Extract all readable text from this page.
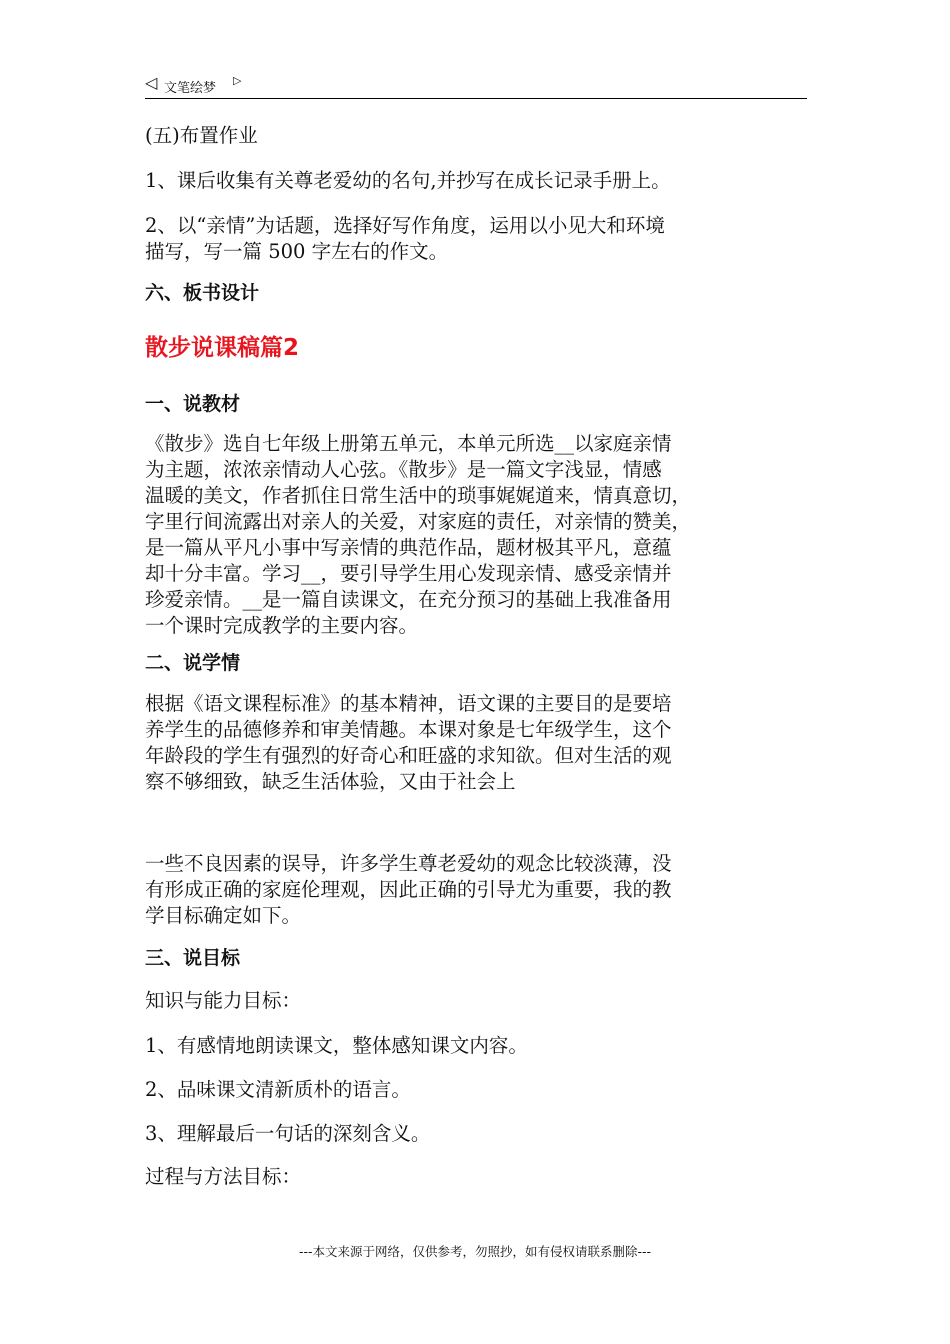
◁ 文笔绘梦
▷

(五)布置作业

1、课后收集有关尊老爱幼的名句,并抄写在成长记录手册上。

2、以“亲情”为话题，选择好写作角度，运用以小见大和环境

描写，写一篇 500 字左右的作文。

六、板书设计
散步说课稿篇2
一、说教材

《散步》选自七年级上册第五单元，本单元所选__以家庭亲情

为主题，浓浓亲情动人心弦。《散步》是一篇文字浅显，情感

温暖的美文，作者抓住日常生活中的琐事娓娓道来，情真意切，

字里行间流露出对亲人的关爱，对家庭的责任，对亲情的赞美，

是一篇从平凡小事中写亲情的典范作品，题材极其平凡，意蕴

却十分丰富。学习__，要引导学生用心发现亲情、感受亲情并

珍爱亲情。__是一篇自读课文，在充分预习的基础上我准备用

一个课时完成教学的主要内容。

二、说学情

根据《语文课程标准》的基本精神，语文课的主要目的是要培

养学生的品德修养和审美情趣。本课对象是七年级学生，这个

年龄段的学生有强烈的好奇心和旺盛的求知欲。但对生活的观

察不够细致，缺乏生活体验，又由于社会上

一些不良因素的误导，许多学生尊老爱幼的观念比较淡薄，没

有形成正确的家庭伦理观，因此正确的引导尤为重要，我的教

学目标确定如下。

三、说目标

知识与能力目标：

1、有感情地朗读课文，整体感知课文内容。

2、品味课文清新质朴的语言。

3、理解最后一句话的深刻含义。

过程与方法目标：

---本文来源于网络，仅供参考，勿照抄，如有侵权请联系删除---
